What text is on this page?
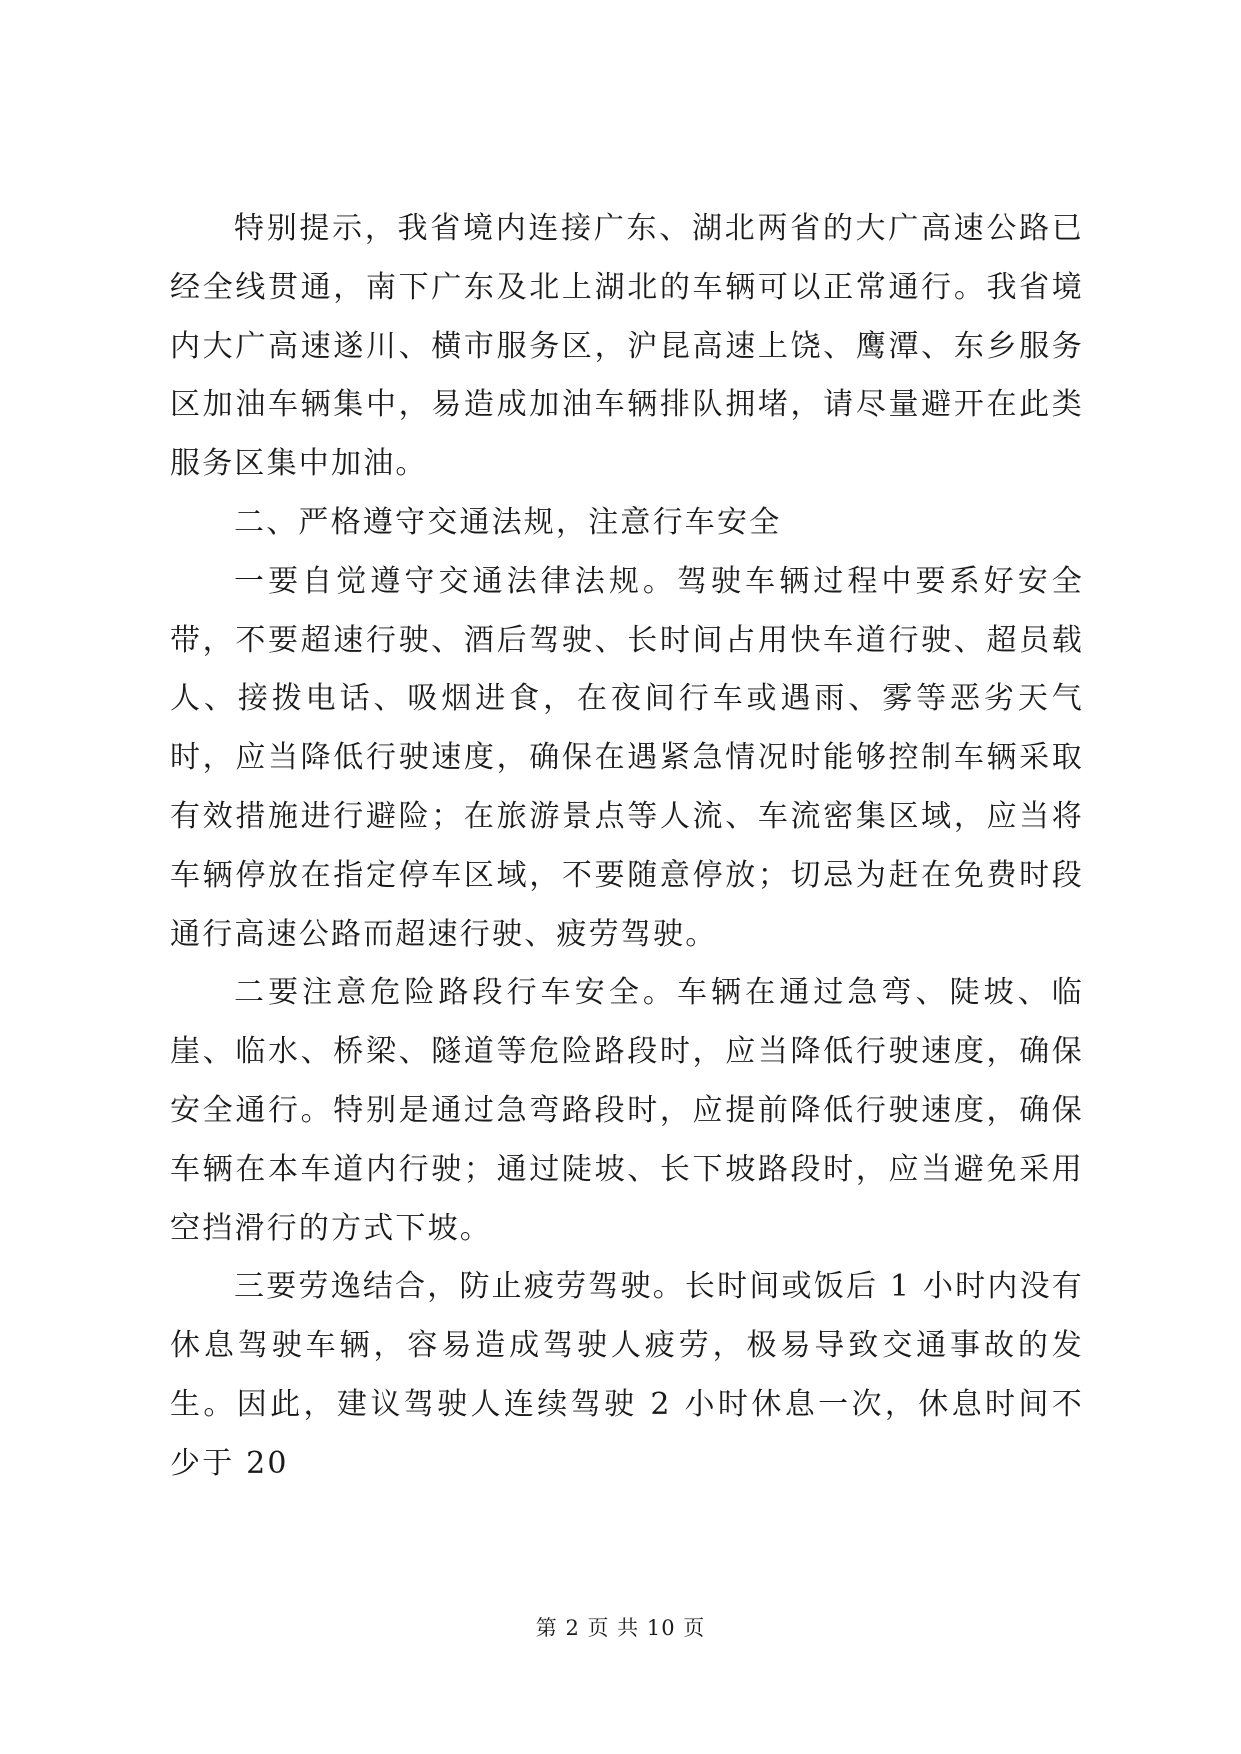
特别提示，我省境内连接广东、湖北两省的大广高速公路已经全线贯通，南下广东及北上湖北的车辆可以正常通行。我省境内大广高速遂川、横市服务区，沪昆高速上饶、鹰潭、东乡服务区加油车辆集中，易造成加油车辆排队拥堵，请尽量避开在此类服务区集中加油。

二、严格遵守交通法规，注意行车安全

一要自觉遵守交通法律法规。驾驶车辆过程中要系好安全带，不要超速行驶、酒后驾驶、长时间占用快车道行驶、超员载人、接拨电话、吸烟进食，在夜间行车或遇雨、雾等恶劣天气时，应当降低行驶速度，确保在遇紧急情况时能够控制车辆采取有效措施进行避险；在旅游景点等人流、车流密集区域，应当将车辆停放在指定停车区域，不要随意停放；切忌为赶在免费时段通行高速公路而超速行驶、疲劳驾驶。

二要注意危险路段行车安全。车辆在通过急弯、陡坡、临崖、临水、桥梁、隧道等危险路段时，应当降低行驶速度，确保安全通行。特别是通过急弯路段时，应提前降低行驶速度，确保车辆在本车道内行驶；通过陡坡、长下坡路段时，应当避免采用空挡滑行的方式下坡。

三要劳逸结合，防止疲劳驾驶。长时间或饭后 1 小时内没有休息驾驶车辆，容易造成驾驶人疲劳，极易导致交通事故的发生。因此，建议驾驶人连续驾驶 2 小时休息一次，休息时间不少于 20

第 2 页 共 10 页
